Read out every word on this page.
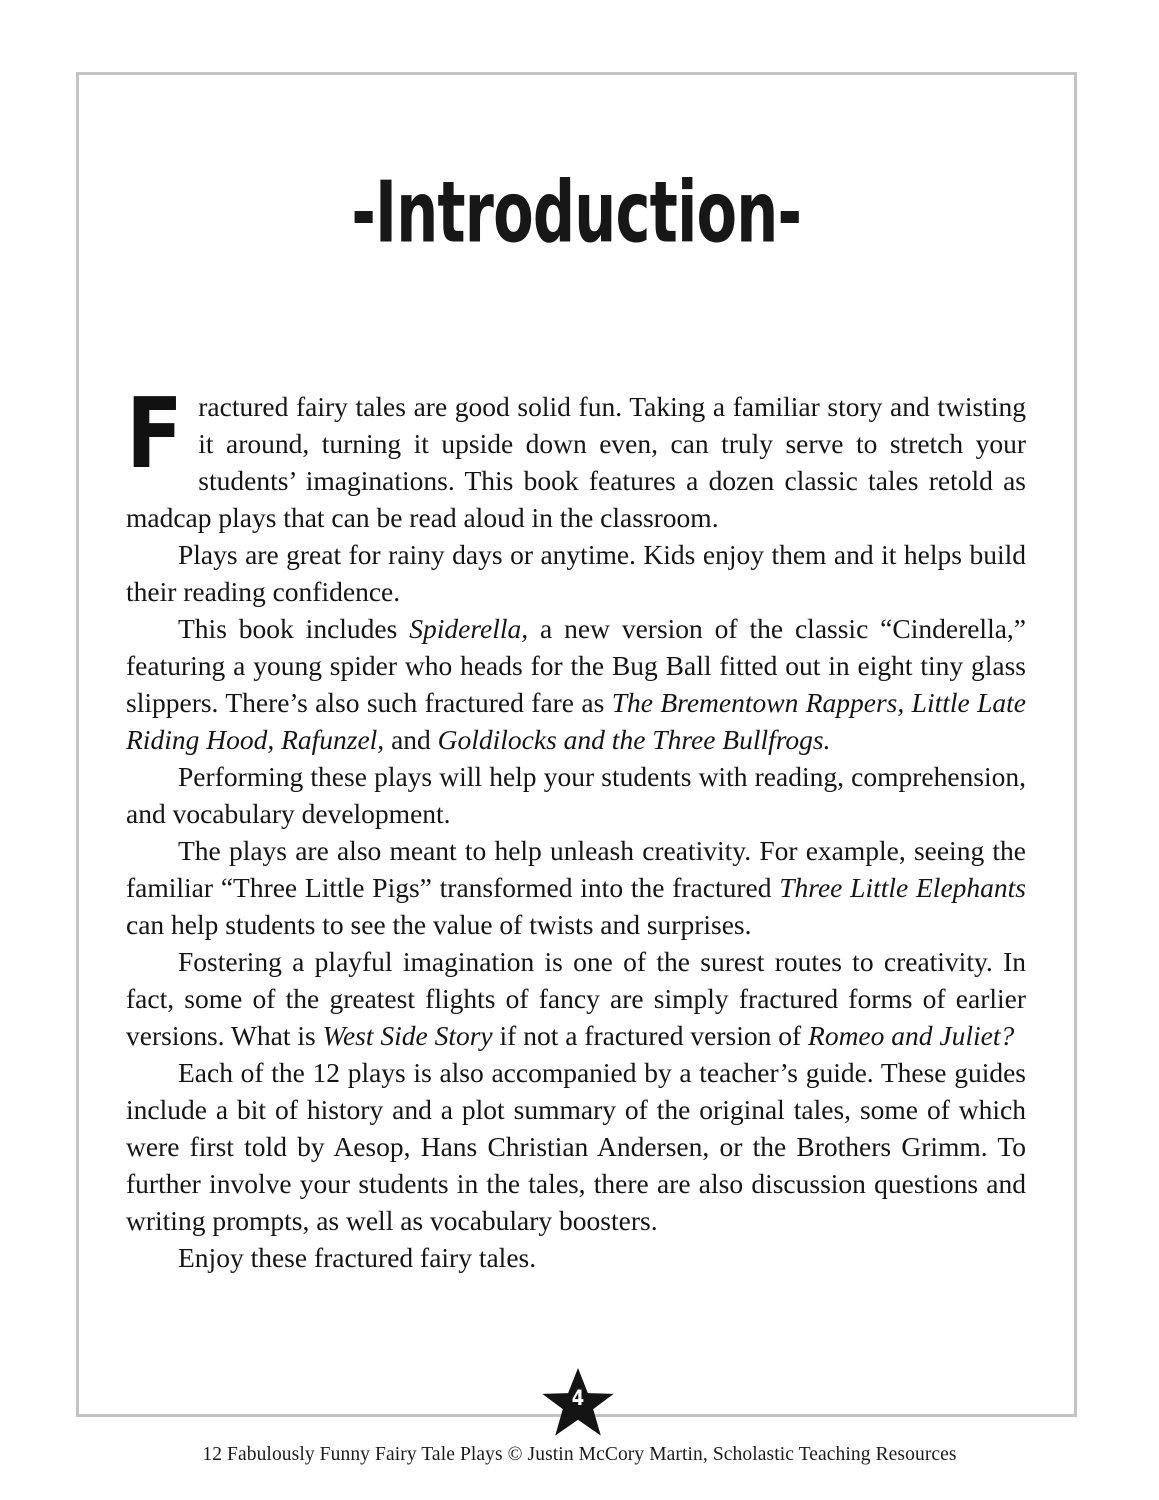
-Introduction-

Fractured fairy tales are good solid fun. Taking a familiar story and twisting it around, turning it upside down even, can truly serve to stretch your students’ imaginations. This book features a dozen classic tales retold as madcap plays that can be read aloud in the classroom.

Plays are great for rainy days or anytime. Kids enjoy them and it helps build their reading confidence.

This book includes Spiderella, a new version of the classic “Cinderella,” featuring a young spider who heads for the Bug Ball fitted out in eight tiny glass slippers. There’s also such fractured fare as The Brementown Rappers, Little Late Riding Hood, Rafunzel, and Goldilocks and the Three Bullfrogs.

Performing these plays will help your students with reading, comprehension, and vocabulary development.

The plays are also meant to help unleash creativity. For example, seeing the familiar “Three Little Pigs” transformed into the fractured Three Little Elephants can help students to see the value of twists and surprises.

Fostering a playful imagination is one of the surest routes to creativity. In fact, some of the greatest flights of fancy are simply fractured forms of earlier versions. What is West Side Story if not a fractured version of Romeo and Juliet?

Each of the 12 plays is also accompanied by a teacher’s guide. These guides include a bit of history and a plot summary of the original tales, some of which were first told by Aesop, Hans Christian Andersen, or the Brothers Grimm. To further involve your students in the tales, there are also discussion questions and writing prompts, as well as vocabulary boosters.

Enjoy these fractured fairy tales.

4
12 Fabulously Funny Fairy Tale Plays © Justin McCory Martin, Scholastic Teaching Resources
